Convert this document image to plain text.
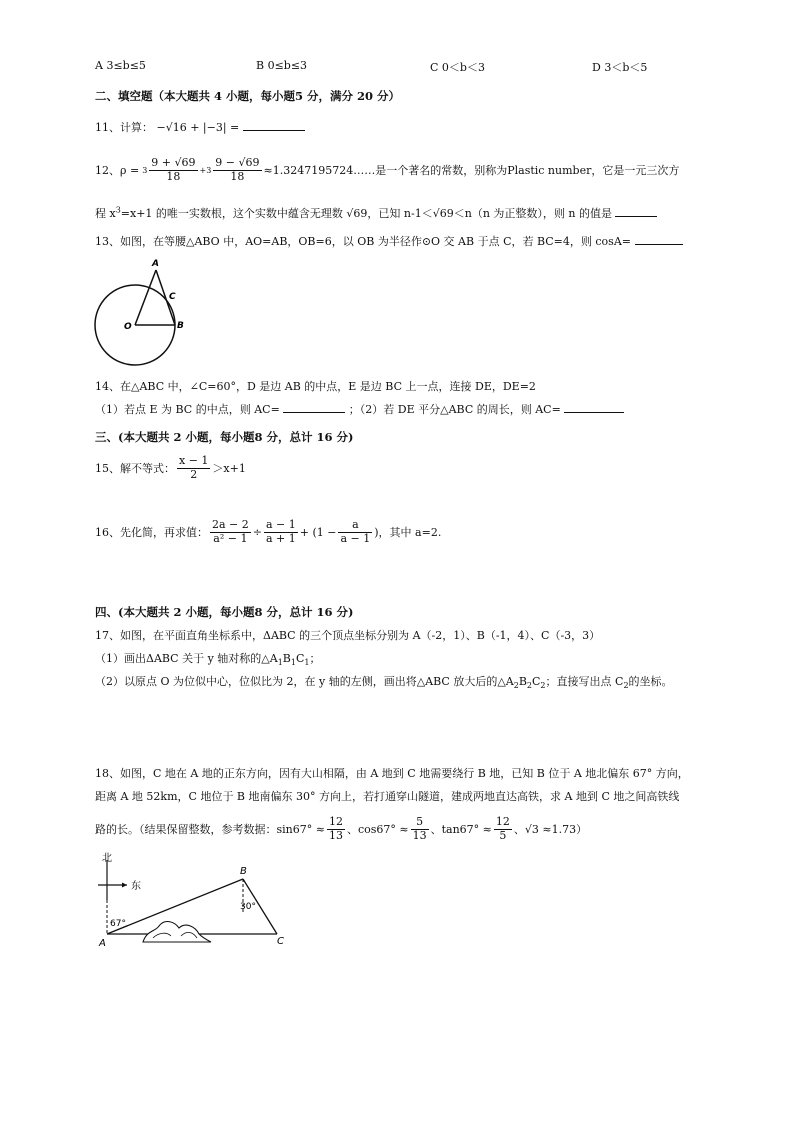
A 3≤b≤5	B 0≤b≤3	C 0＜b＜3	D 3＜b＜5
二、填空题（本大题共 4 小题，每小题5 分，满分 20 分）
11、计算： −√16 + |−3| =
12、$\rho = 3 \frac{9 + √69}{18} +3 \frac{9 - √69}{18}$ ≈1.3247195724……是一个著名的常数，别称为Plastic number，它是一元三次方
程 $x^3=x+1$ 的唯一实数根，这个实数中蕴含无理数 √69，已知 n-1＜√69＜n（n 为正整数），则 n 的值是
13、如图，在等腰△ABO 中，AO=AB，OB=6，以 OB 为半径作⊙O 交 AB 于点 C，若 BC=4，则 cosA=
A
C
O	B
14、在△ABC 中，∠C=60°，D 是边 AB 的中点，E 是边 BC 上一点，连接 DE，DE=2
（1）若点 E 为 BC 的中点，则 AC=	；（2）若 DE 平分△ABC 的周长，则 AC=
三、(本大题共 2 小题，每小题8 分，总计 16 分)
15、解不等式： $\frac{x - 1}{2} >x+1$
16、先化简，再求值： $\frac{2a - 2}{\text{a² − 1}} \div \frac{a - 1}{a + 1} + (1 - \frac{a}{a - 1}$ )，其中 a=2.
四、(本大题共 2 小题，每小题8 分，总计 16 分)
17、如图，在平面直角坐标系中，ΔABC 的三个顶点坐标分别为 A（-2，1）、B（-1，4）、C（-3，3）
（1）画出ΔABC 关于 y 轴对称的$\triangle A_1B_1C_1$；
（2）以原点 O 为位似中心，位似比为 2，在 y 轴的左侧，画出将△ABC 放大后的$\triangle A_2B_2C_2$；直接写出点 $C_2$的坐标。
18、如图，C 地在 A 地的正东方向，因有大山相隔，由 A 地到 C 地需要绕行 B 地，已知 B 位于 A 地北偏东 67° 方向，
距离 A 地 52km，C 地位于 B 地南偏东 30° 方向上，若打通穿山隧道，建成两地直达高铁，求 A 地到 C 地之间高铁线
路的长。（结果保留整数，参考数据：$\sin 67^\circ \approx \frac{12}{13}$ 、$\cos 67^\circ \approx \frac{5}{13}$ 、$\tan 67^\circ \approx \frac{12}{5}$ 、√3 ≈1.73）
北
东
A
B
C
67°
30°
